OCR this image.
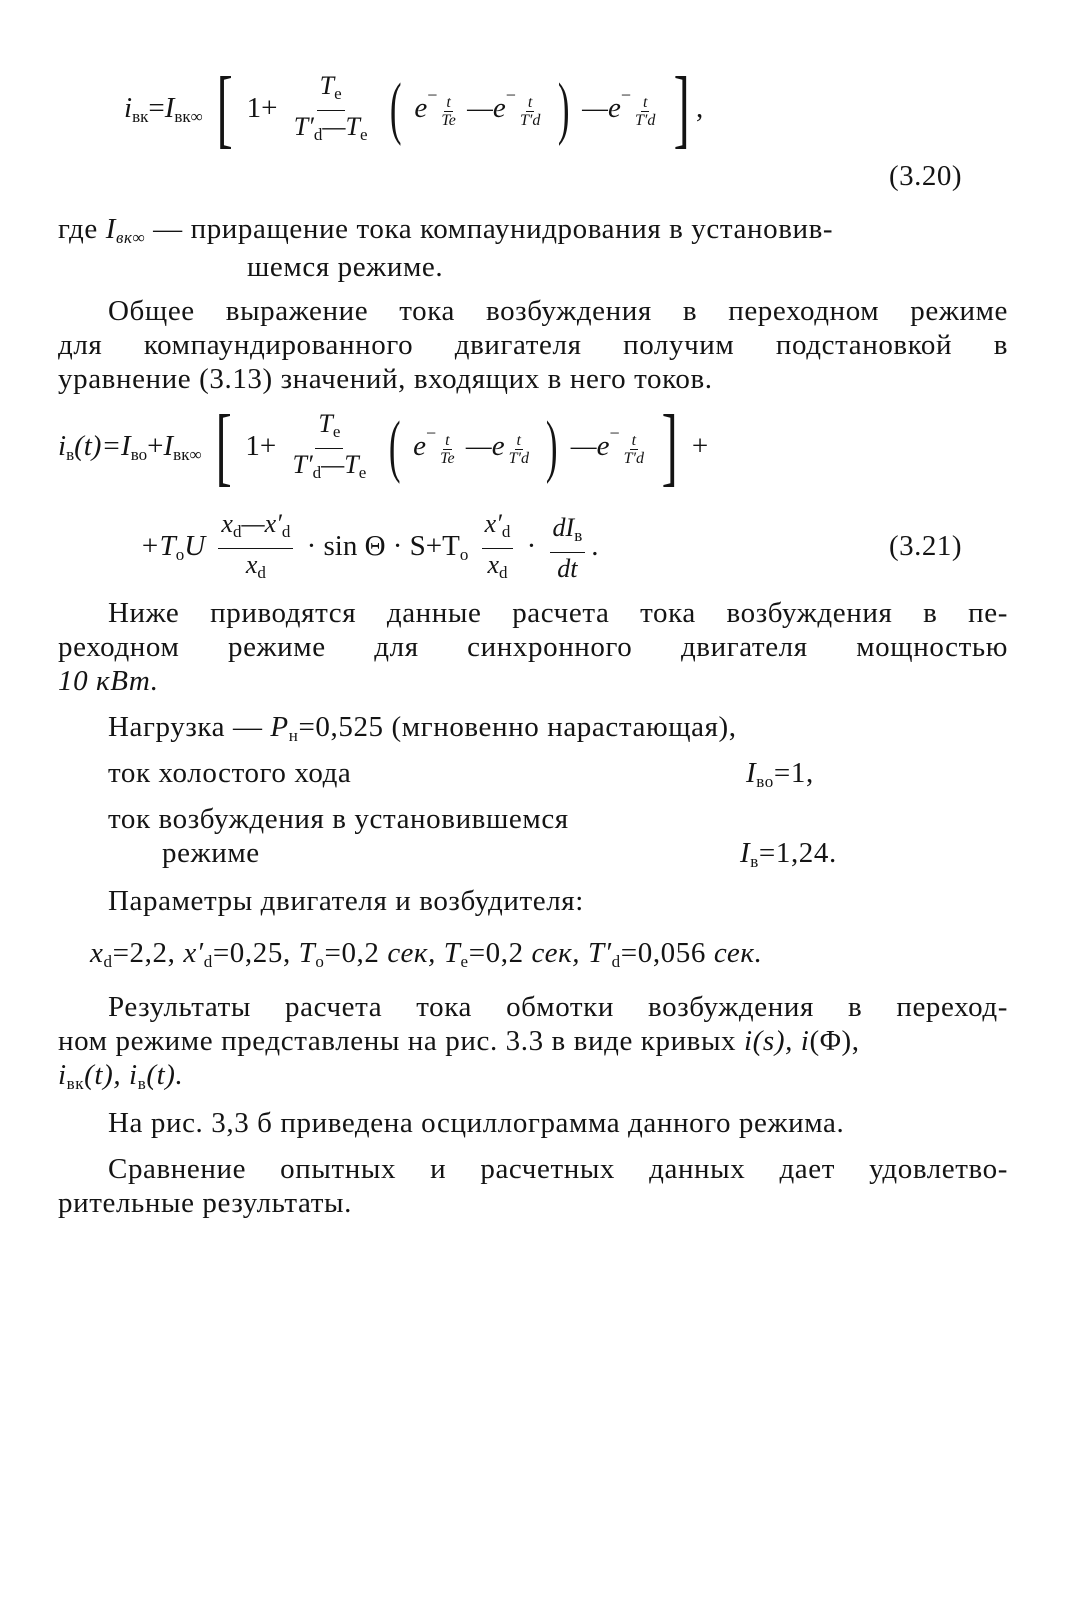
$i_{вк}=I_{вк\infty}$ [ $1+ \frac{T_e}{T'_d—T_e}$ ( $e^- \frac{t}{Te}$ —e− $\frac{t}{T'd}$ ) —e− $\frac{t}{T'd}$ ] ,
(3.20)
где Iвк∞ — приращение тока компаунидрования в установив-
шемся режиме.
Общее выражение тока возбуждения в переходном режиме
для компаундированного двигателя получим подстановкой в
уравнение (3.13) значений, входящих в него токов.
$i_в(t)=I_{во}+I_{вк\infty}$ [ $1+ \frac{T_e}{T'_d—T_e}$ ( $e^- \frac{t}{Te}$ —e $\frac{t}{T'd}$ ) —e− $\frac{t}{T'd}$ ] +
$+T_oU \frac{x_d—x'_d}{x_d} \cdot \sin \Theta \cdot S+T_o \frac{x'_d}{x_d} \cdot \frac{dI_в}{dt}$ .	(3.21)
Ниже приводятся данные расчета тока возбуждения в пе-
реходном режиме для синхронного двигателя мощностью
10 кВт.
Нагрузка — $P_н=0,525$ (мгновенно нарастающая),
ток холостого хода	$I_{во}=1$,
ток возбуждения в установившемся
режиме	$I_в=1,24$.
Параметры двигателя и возбудителя:
$x_d=2,2$, $x'_d=0,25$, $T_o=0,2$ сек, $T_e=0,2$ сек, $T'_d=0,056$ сек.
Результаты расчета тока обмотки возбуждения в переход-
ном режиме представлены на рис. 3.3 в виде кривых i(s), i(Φ),
$i_{вк}(t)$, $i_в(t)$.
На рис. 3,3 б приведена осциллограмма данного режима.
Сравнение опытных и расчетных данных дает удовлетво-
рительные результаты.
